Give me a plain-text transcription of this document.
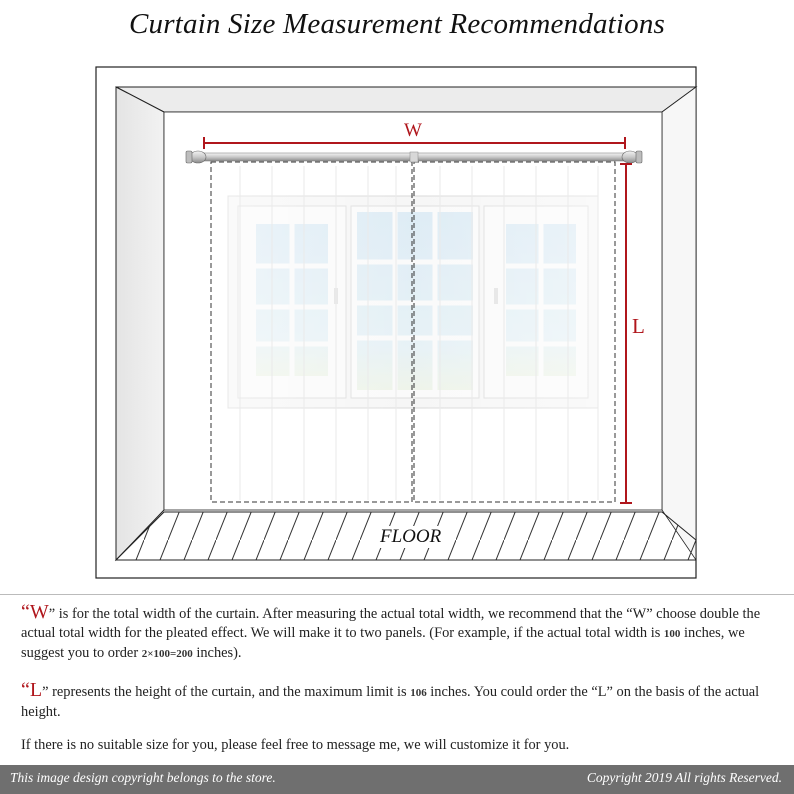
Curtain Size Measurement Recommendations
W
L
FLOOR
“W” is for the total width of the curtain. After measuring the actual total width, we recommend that the “W” choose double the actual total width for the pleated effect. We will make it to two panels. (For example, if the actual total width is 100 inches, we suggest you to order 2×100=200 inches).
“L” represents the height of the curtain, and the maximum limit is 106 inches. You could order the “L” on the basis of the actual height.
If there is no suitable size for you, please feel free to message me, we will customize it for you.
This image design copyright belongs to the store.	Copyright 2019 All rights Reserved.
